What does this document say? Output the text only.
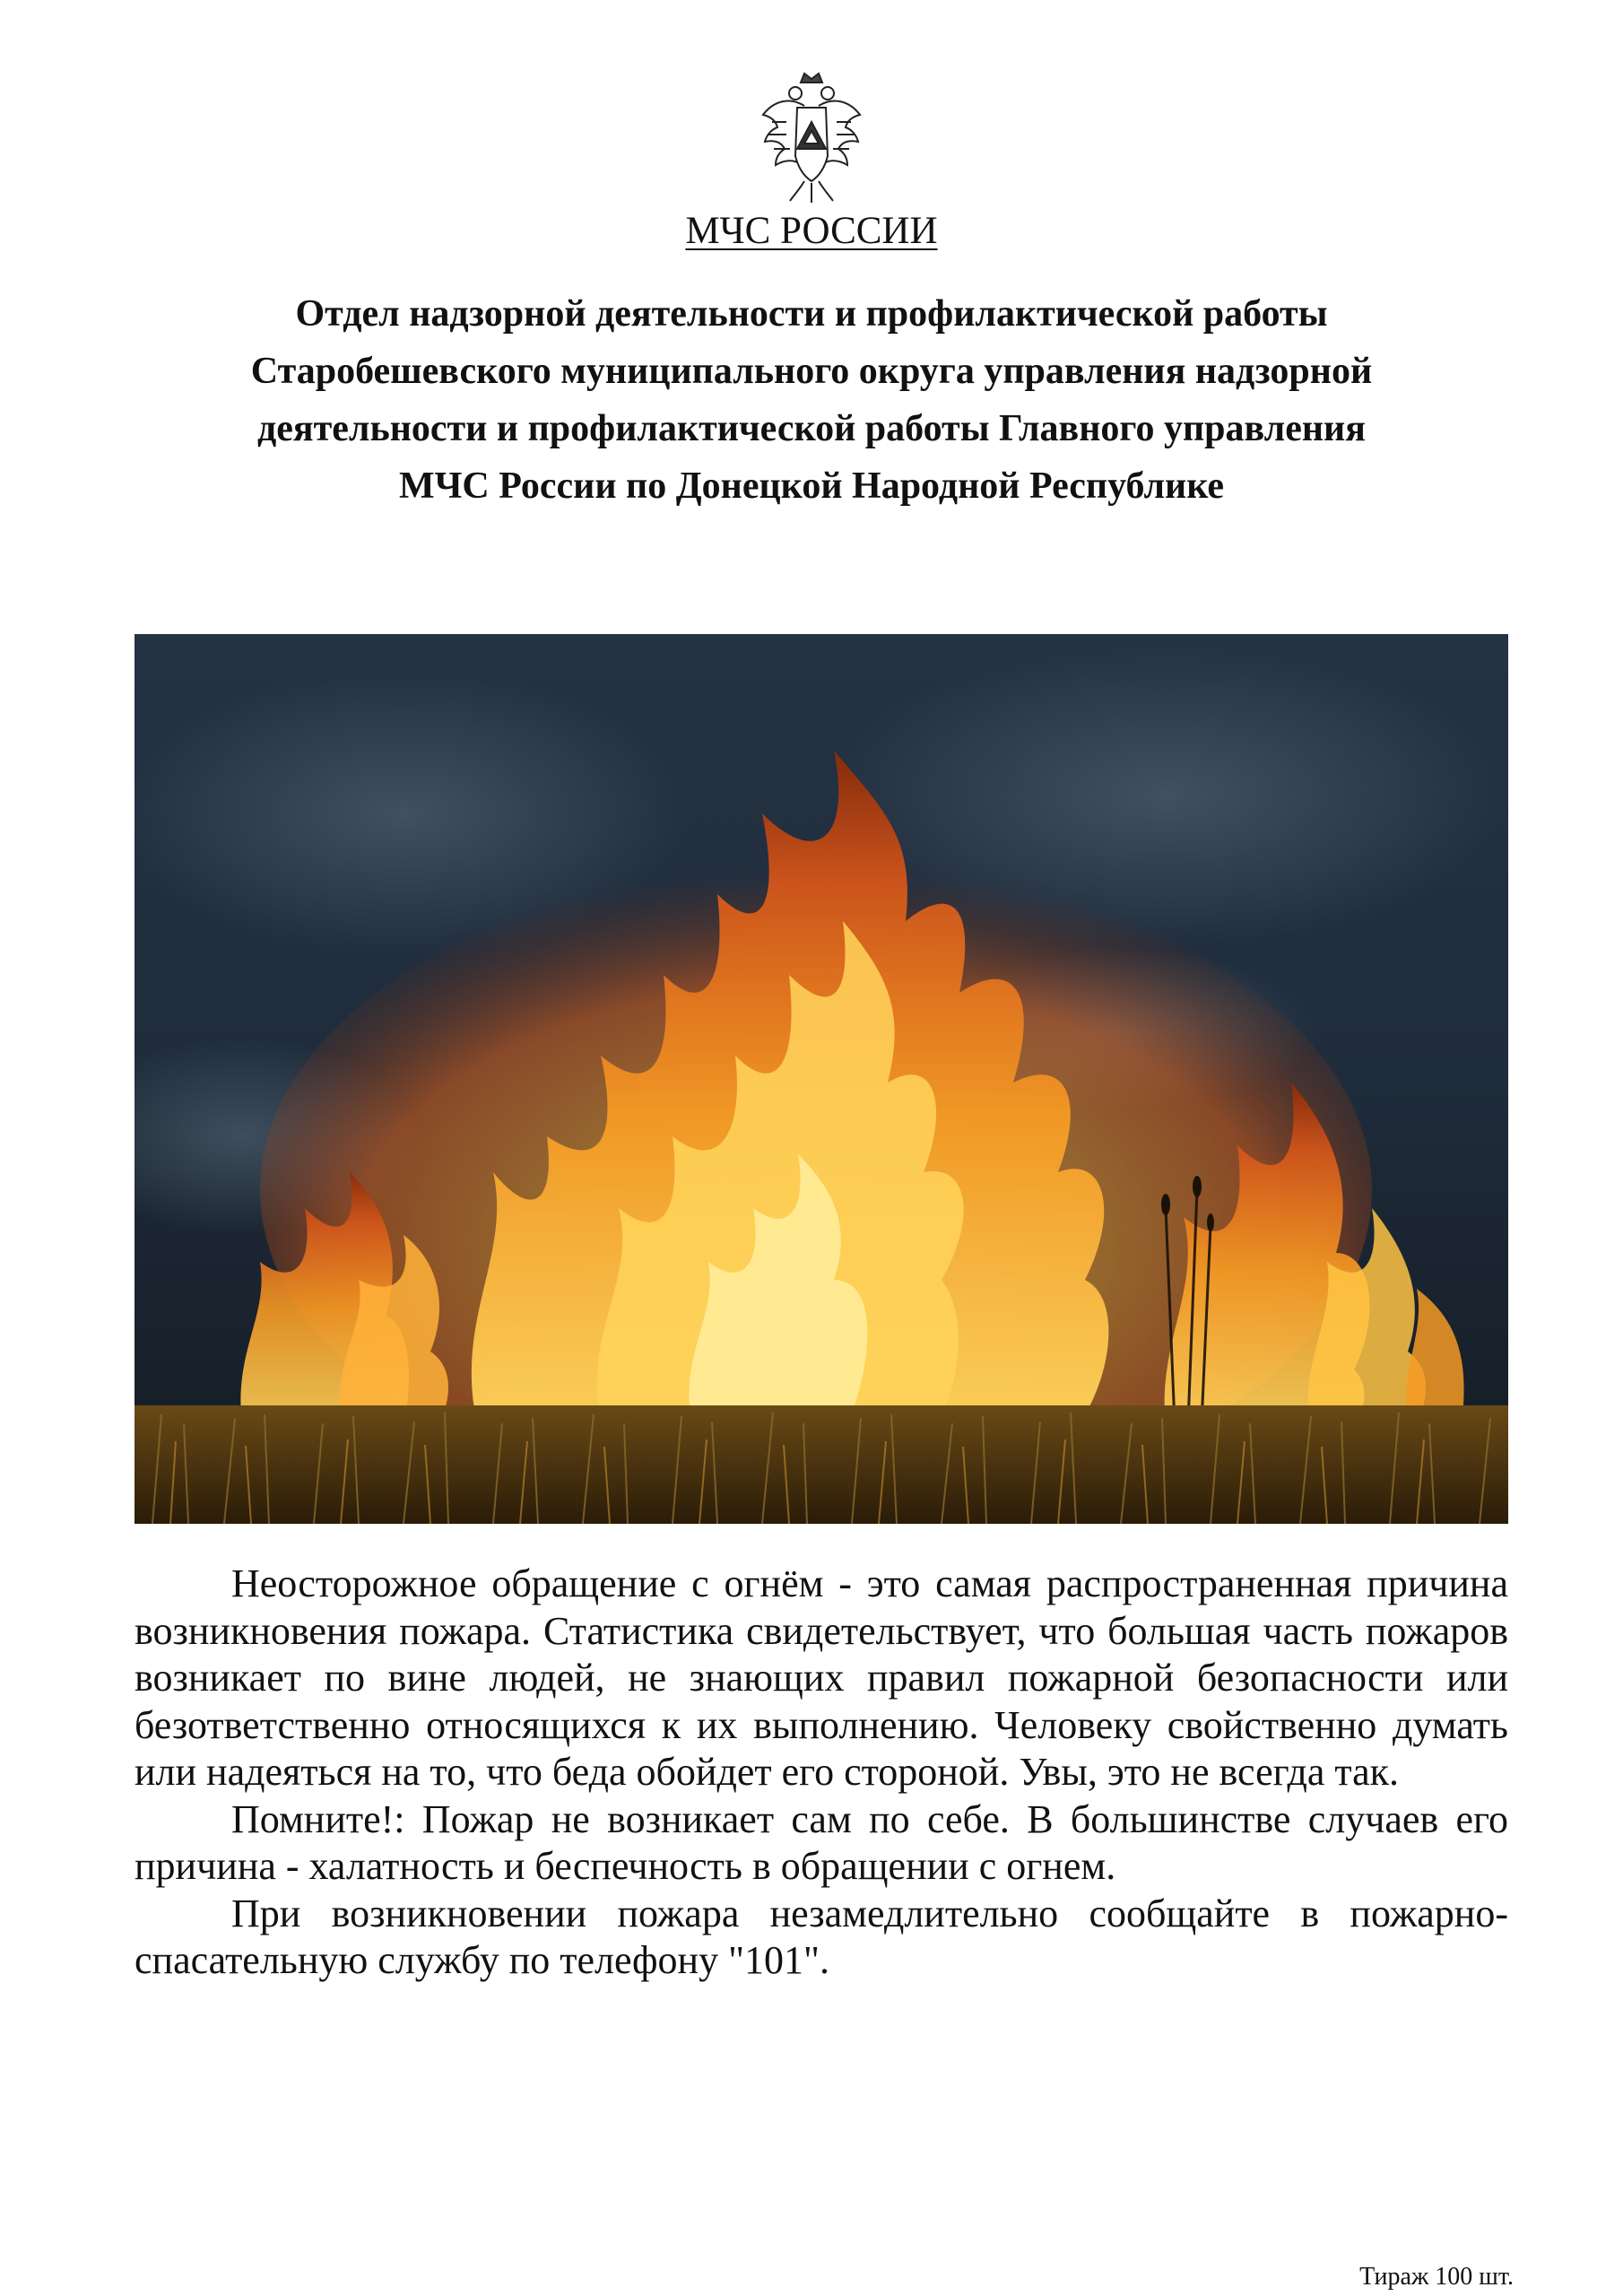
МЧС РОССИИ
Отдел надзорной деятельности и профилактической работы
Старобешевского муниципального округа управления надзорной
деятельности и профилактической работы Главного управления
МЧС России по Донецкой Народной Республике

Неосторожное обращение с огнём - это самая распространенная причина возникновения пожара. Статистика свидетельствует, что большая часть пожаров возникает по вине людей, не знающих правил пожарной безопасности или безответственно относящихся к их выполнению. Человеку свойственно думать или надеяться на то, что беда обойдет его стороной. Увы, это не всегда так.

Помните!: Пожар не возникает сам по себе. В большинстве случаев его причина - халатность и беспечность в обращении с огнем.

При возникновении пожара незамедлительно сообщайте в пожарно-спасательную службу по телефону "101".

Тираж 100 шт.
